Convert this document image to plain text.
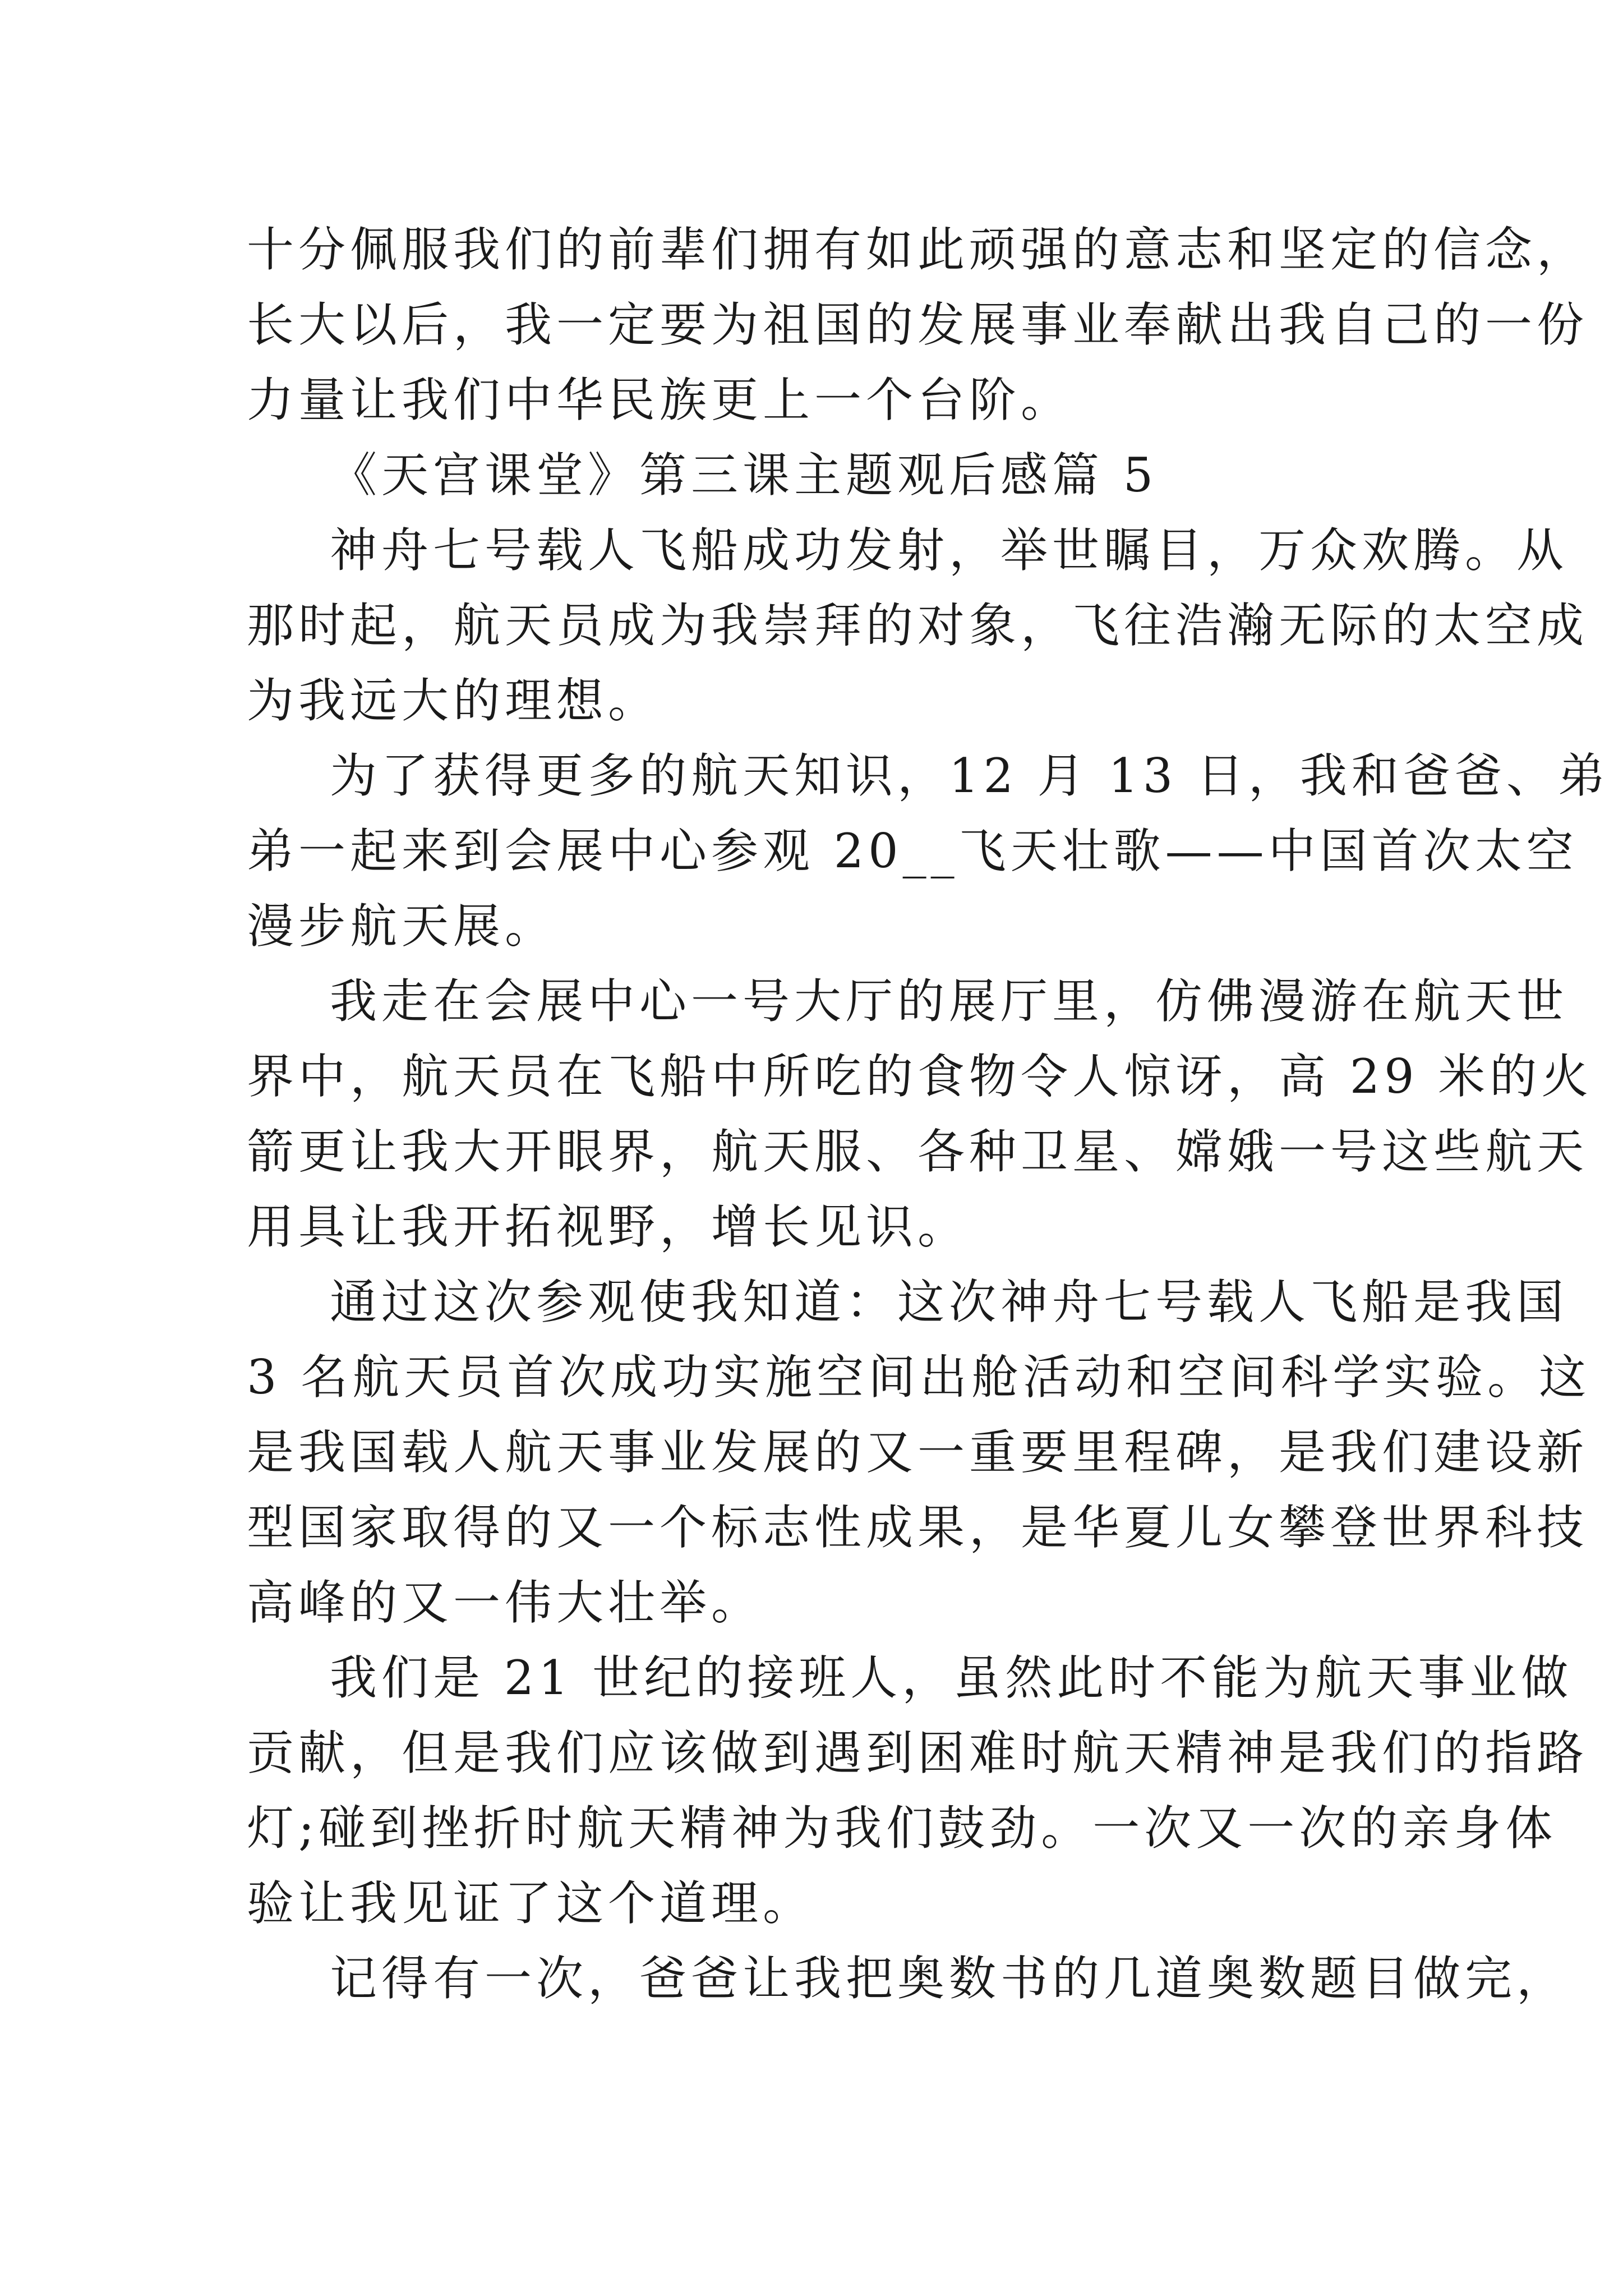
十分佩服我们的前辈们拥有如此顽强的意志和坚定的信念，
长大以后，我一定要为祖国的发展事业奉献出我自己的一份
力量让我们中华民族更上一个台阶。
《天宫课堂》第三课主题观后感篇 5
神舟七号载人飞船成功发射，举世瞩目，万众欢腾。从
那时起，航天员成为我崇拜的对象，飞往浩瀚无际的太空成
为我远大的理想。
为了获得更多的航天知识，12 月 13 日，我和爸爸、弟
弟一起来到会展中心参观 20__飞天壮歌——中国首次太空
漫步航天展。
我走在会展中心一号大厅的展厅里，仿佛漫游在航天世
界中，航天员在飞船中所吃的食物令人惊讶，高 29 米的火
箭更让我大开眼界，航天服、各种卫星、嫦娥一号这些航天
用具让我开拓视野，增长见识。
通过这次参观使我知道：这次神舟七号载人飞船是我国
3 名航天员首次成功实施空间出舱活动和空间科学实验。这
是我国载人航天事业发展的又一重要里程碑，是我们建设新
型国家取得的又一个标志性成果，是华夏儿女攀登世界科技
高峰的又一伟大壮举。
我们是 21 世纪的接班人，虽然此时不能为航天事业做
贡献，但是我们应该做到遇到困难时航天精神是我们的指路
灯;碰到挫折时航天精神为我们鼓劲。一次又一次的亲身体
验让我见证了这个道理。
记得有一次，爸爸让我把奥数书的几道奥数题目做完，
